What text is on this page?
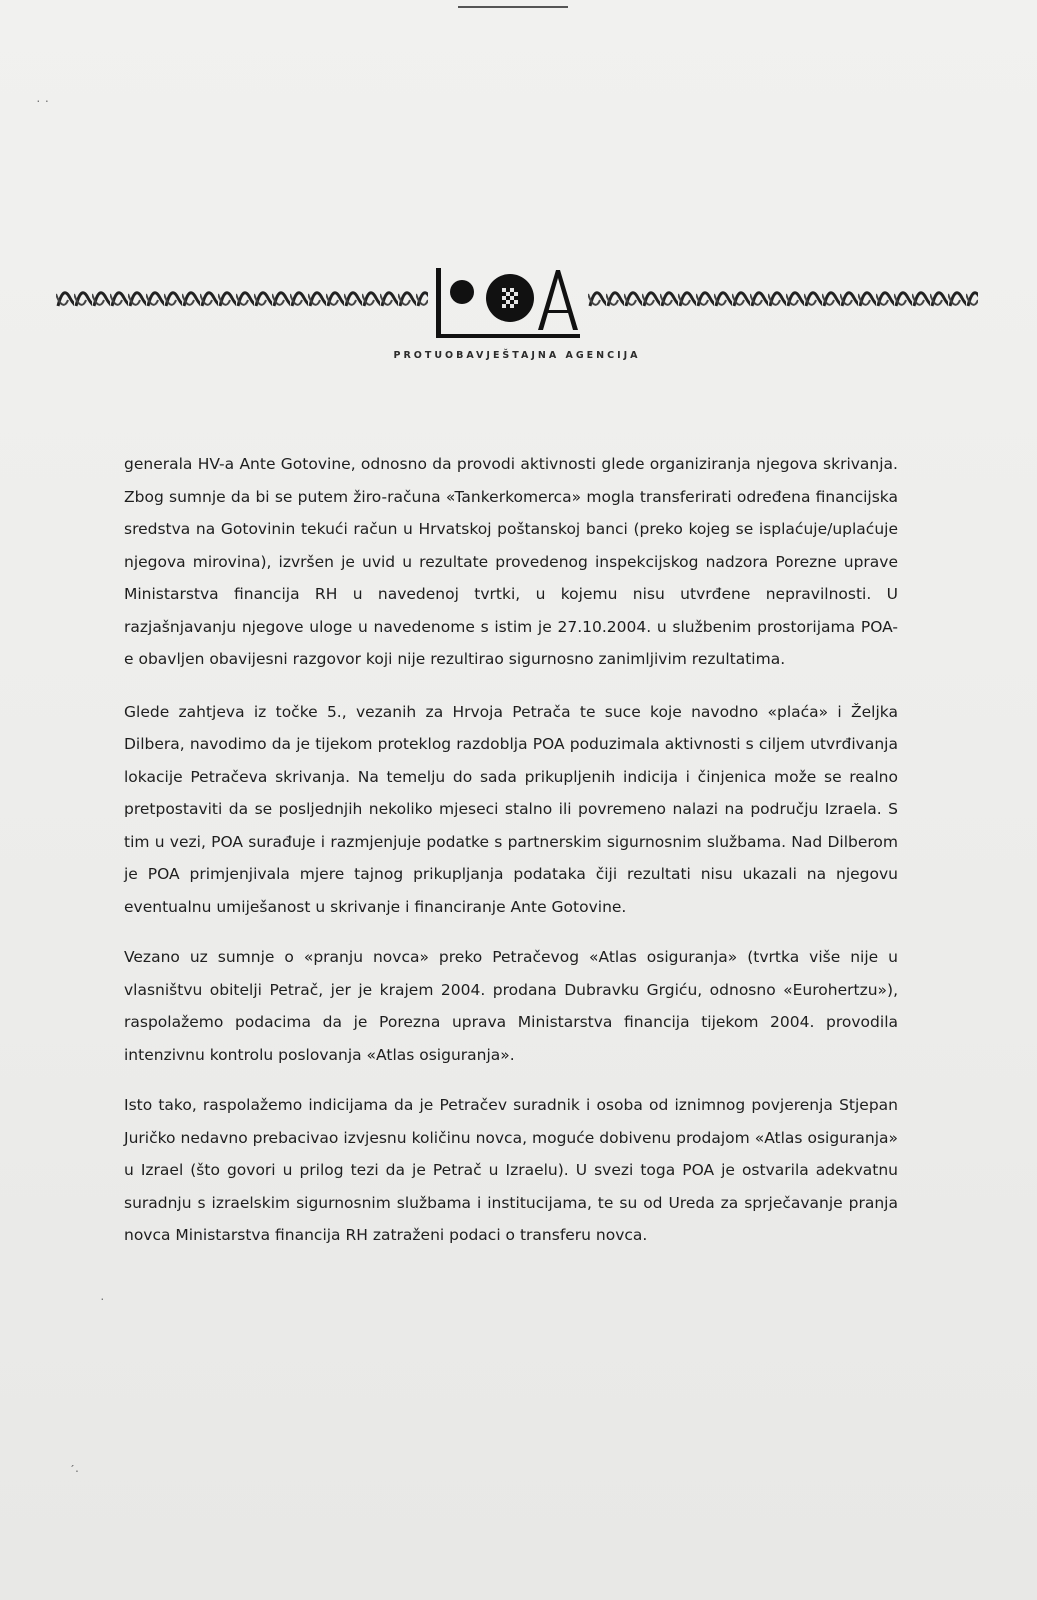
· ·
·
ˊ·
PROTUOBAVJEŠTAJNA AGENCIJA

generala HV-a Ante Gotovine, odnosno da provodi aktivnosti glede organiziranja njegova skrivanja. Zbog sumnje da bi se putem žiro-računa «Tankerkomerca» mogla transferirati određena financijska sredstva na Gotovinin tekući račun u Hrvatskoj poštanskoj banci (preko kojeg se isplaćuje/uplaćuje njegova mirovina), izvršen je uvid u rezultate provedenog inspekcijskog nadzora Porezne uprave Ministarstva financija RH u navedenoj tvrtki, u kojemu nisu utvrđene nepravilnosti. U razjašnjavanju njegove uloge u navedenome s istim je 27.10.2004. u službenim prostorijama POA-e obavljen obavijesni razgovor koji nije rezultirao sigurnosno zanimljivim rezultatima.

Glede zahtjeva iz točke 5., vezanih za Hrvoja Petrača te suce koje navodno «plaća» i Željka Dilbera, navodimo da je tijekom proteklog razdoblja POA poduzimala aktivnosti s ciljem utvrđivanja lokacije Petračeva skrivanja. Na temelju do sada prikupljenih indicija i činjenica može se realno pretpostaviti da se posljednjih nekoliko mjeseci stalno ili povremeno nalazi na području Izraela. S tim u vezi, POA surađuje i razmjenjuje podatke s partnerskim sigurnosnim službama. Nad Dilberom je POA primjenjivala mjere tajnog prikupljanja podataka čiji rezultati nisu ukazali na njegovu eventualnu umiješanost u skrivanje i financiranje Ante Gotovine.

Vezano uz sumnje o «pranju novca» preko Petračevog «Atlas osiguranja» (tvrtka više nije u vlasništvu obitelji Petrač, jer je krajem 2004. prodana Dubravku Grgiću, odnosno «Eurohertzu»), raspolažemo podacima da je Porezna uprava Ministarstva financija tijekom 2004. provodila intenzivnu kontrolu poslovanja «Atlas osiguranja».

Isto tako, raspolažemo indicijama da je Petračev suradnik i osoba od iznimnog povjerenja Stjepan Juričko nedavno prebacivao izvjesnu količinu novca, moguće dobivenu prodajom «Atlas osiguranja» u Izrael (što govori u prilog tezi da je Petrač u Izraelu). U svezi toga POA je ostvarila adekvatnu suradnju s izraelskim sigurnosnim službama i institucijama, te su od Ureda za sprječavanje pranja novca Ministarstva financija RH zatraženi podaci o transferu novca.
